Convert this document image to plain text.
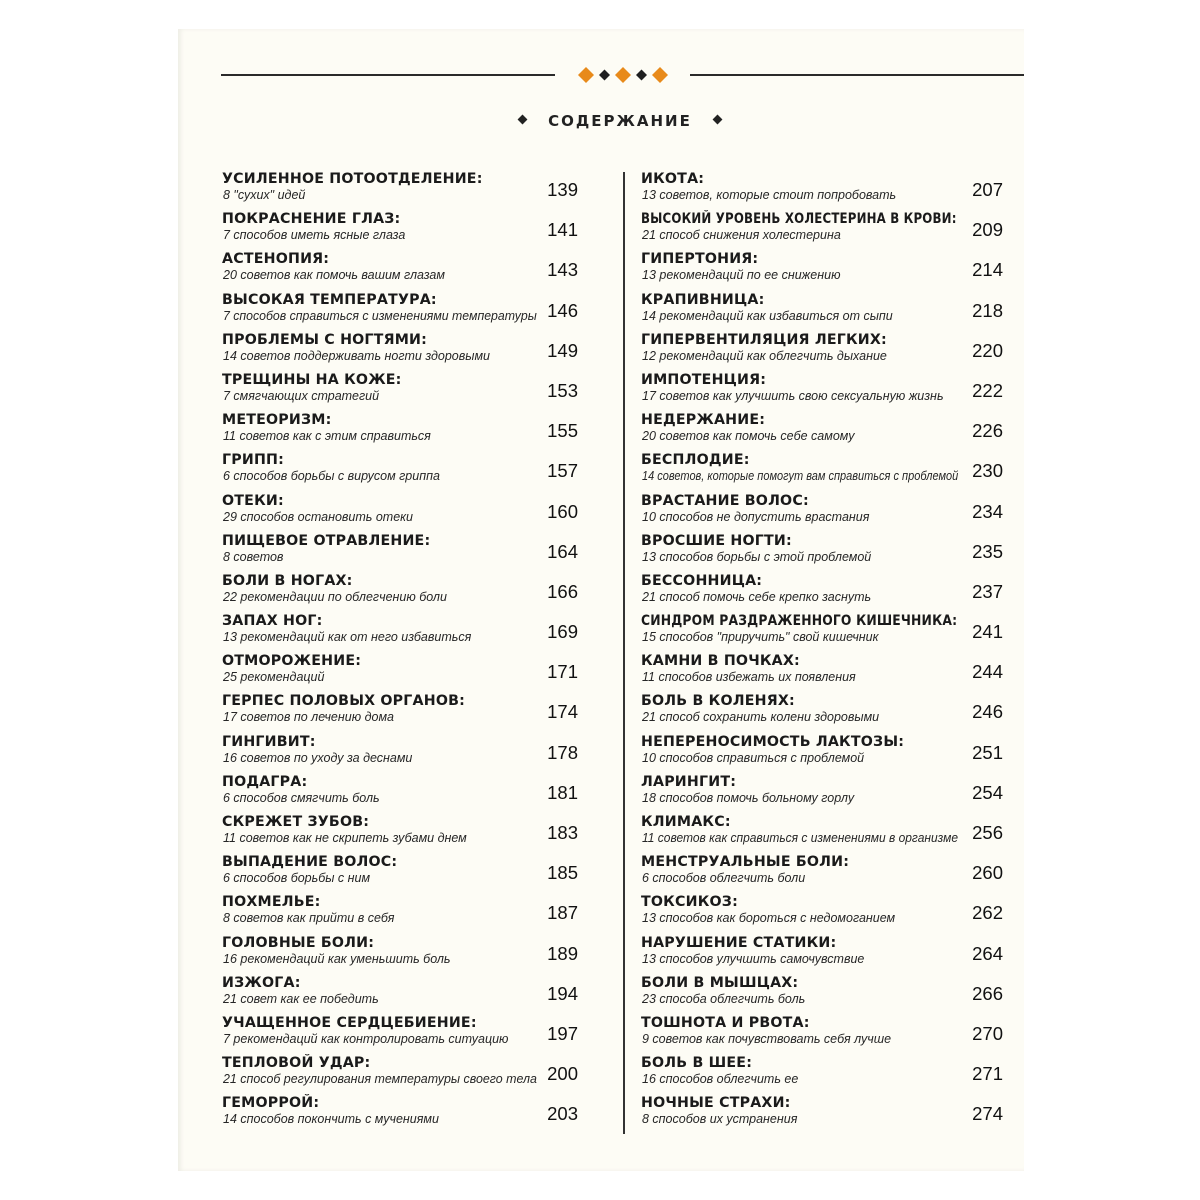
СОДЕРЖАНИЕ
УСИЛЕННОЕ ПОТООТДЕЛЕНИЕ:
8 "сухих" идей	139
ПОКРАСНЕНИЕ ГЛАЗ:
7 способов иметь ясные глаза	141
АСТЕНОПИЯ:
20 советов как помочь вашим глазам	143
ВЫСОКАЯ ТЕМПЕРАТУРА:
7 способов справиться с изменениями температуры 146
ПРОБЛЕМЫ С НОГТЯМИ:
14 советов поддерживать ногти здоровыми	149
ТРЕЩИНЫ НА КОЖЕ:
7 смягчающих стратегий	153
МЕТЕОРИЗМ:
11 советов как с этим справиться	155
ГРИПП:
6 способов борьбы с вирусом гриппа	157
ОТЕКИ:
29 способов остановить отеки	160
ПИЩЕВОЕ ОТРАВЛЕНИЕ:
8 советов	164
БОЛИ В НОГАХ:
22 рекомендации по облегчению боли	166
ЗАПАХ НОГ:
13 рекомендаций как от него избавиться	169
ОТМОРОЖЕНИЕ:
25 рекомендаций	171
ГЕРПЕС ПОЛОВЫХ ОРГАНОВ:
17 советов по лечению дома	174
ГИНГИВИТ:
16 советов по уходу за деснами	178
ПОДАГРА:
6 способов смягчить боль	181
СКРЕЖЕТ ЗУБОВ:
11 советов как не скрипеть зубами днем	183
ВЫПАДЕНИЕ ВОЛОС:
6 способов борьбы с ним	185
ПОХМЕЛЬЕ:
8 советов как прийти в себя	187
ГОЛОВНЫЕ БОЛИ:
16 рекомендаций как уменьшить боль	189
ИЗЖОГА:
21 совет как ее победить	194
УЧАЩЕННОЕ СЕРДЦЕБИЕНИЕ:
7 рекомендаций как контролировать ситуацию 197
ТЕПЛОВОЙ УДАР:
21 способ регулирования температуры своего тела 200
ГЕМОРРОЙ:
14 способов покончить с мучениями	203
ИКОТА:
13 советов, которые стоит попробовать	207
ВЫСОКИЙ УРОВЕНЬ ХОЛЕСТЕРИНА В КРОВИ:
21 способ снижения холестерина	209
ГИПЕРТОНИЯ:
13 рекомендаций по ее снижению	214
КРАПИВНИЦА:
14 рекомендаций как избавиться от сыпи	218
ГИПЕРВЕНТИЛЯЦИЯ ЛЕГКИХ:
12 рекомендаций как облегчить дыхание	220
ИМПОТЕНЦИЯ:
17 советов как улучшить свою сексуальную жизнь 222
НЕДЕРЖАНИЕ:
20 советов как помочь себе самому	226
БЕСПЛОДИЕ:
14 советов, которые помогут вам справиться с проблемой 230
ВРАСТАНИЕ ВОЛОС:
10 способов не допустить врастания	234
ВРОСШИЕ НОГТИ:
13 способов борьбы с этой проблемой	235
БЕССОННИЦА:
21 способ помочь себе крепко заснуть	237
СИНДРОМ РАЗДРАЖЕННОГО КИШЕЧНИКА:
15 способов "приручить" свой кишечник	241
КАМНИ В ПОЧКАХ:
11 способов избежать их появления	244
БОЛЬ В КОЛЕНЯХ:
21 способ сохранить колени здоровыми	246
НЕПЕРЕНОСИМОСТЬ ЛАКТОЗЫ:
10 способов справиться с проблемой	251
ЛАРИНГИТ:
18 способов помочь больному горлу	254
КЛИМАКС:
11 советов как справиться с изменениями в организме 256
МЕНСТРУАЛЬНЫЕ БОЛИ:
6 способов облегчить боли	260
ТОКСИКОЗ:
13 способов как бороться с недомоганием	262
НАРУШЕНИЕ СТАТИКИ:
13 способов улучшить самочувствие	264
БОЛИ В МЫШЦАХ:
23 способа облегчить боль	266
ТОШНОТА И РВОТА:
9 советов как почувствовать себя лучше	270
БОЛЬ В ШЕЕ:
16 способов облегчить ее	271
НОЧНЫЕ СТРАХИ:
8 способов их устранения	274
